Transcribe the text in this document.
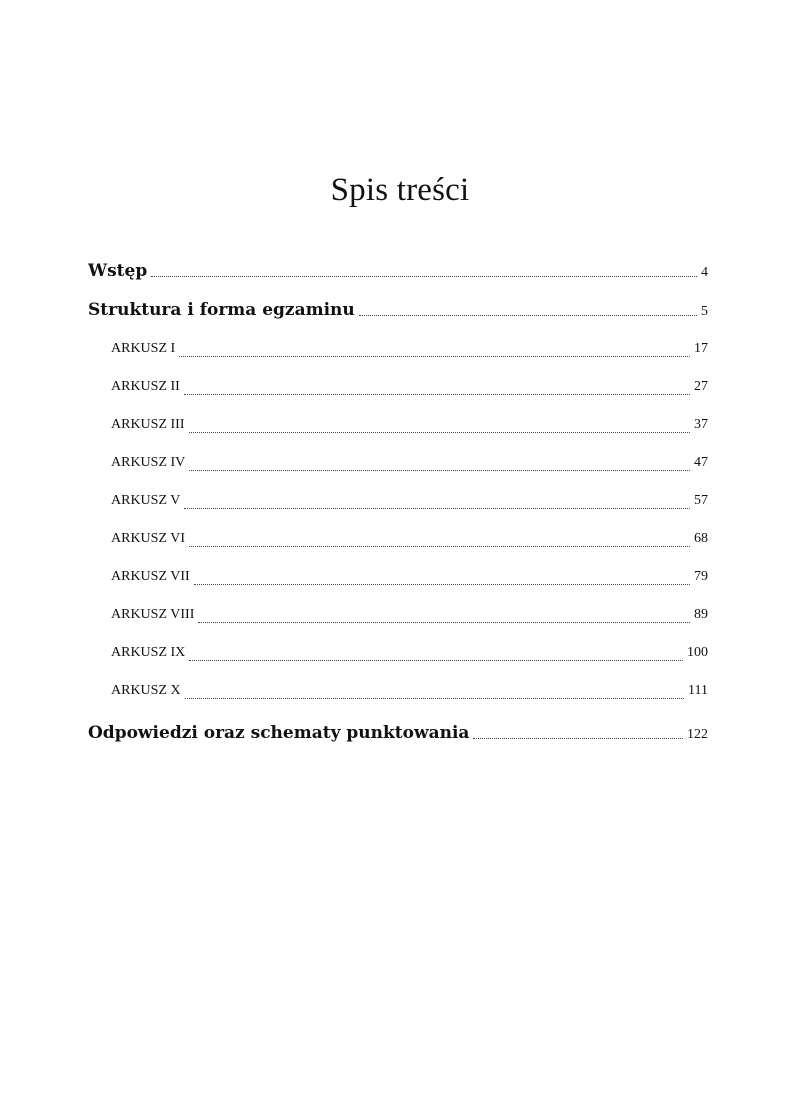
Spis treści
Wstęp	4
Struktura i forma egzaminu	5
ARKUSZ I	17
ARKUSZ II	27
ARKUSZ III	37
ARKUSZ IV	47
ARKUSZ V	57
ARKUSZ VI	68
ARKUSZ VII	79
ARKUSZ VIII	89
ARKUSZ IX	100
ARKUSZ X	111
Odpowiedzi oraz schematy punktowania	122
